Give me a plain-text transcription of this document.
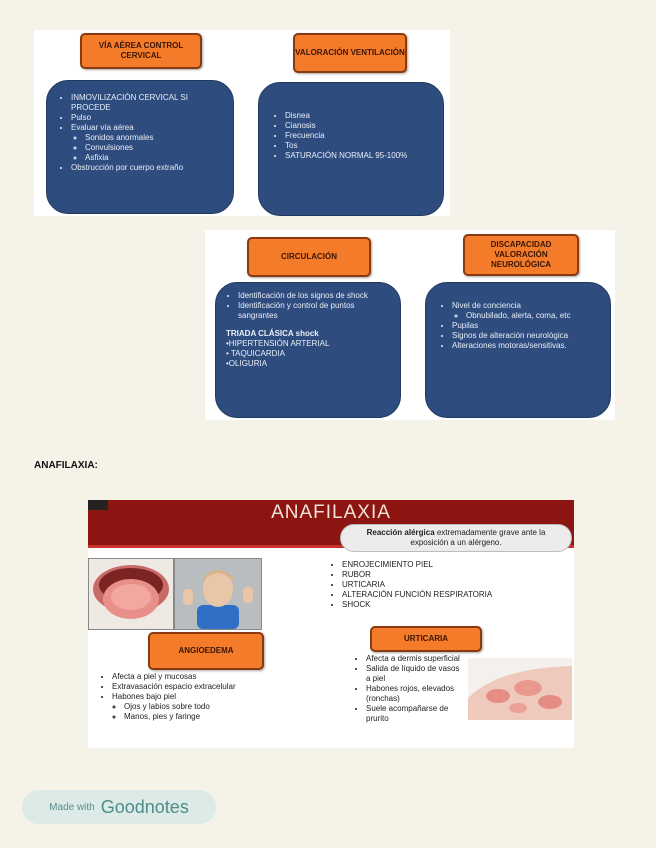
VÍA AÉREA CONTROL CERVICAL	VALORACIÓN VENTILACIÓN
• INMOVILIZACIÓN CERVICAL SI PROCEDE
• Pulso
• Evaluar vía aérea
◦ Sonidos anormales
◦ Convulsiones
◦ Asfixia
• Obstrucción por cuerpo extraño
• Disnea
• Cianosis
• Frecuencia
• Tos
• SATURACIÓN NORMAL 95-100%
CIRCULACIÓN
DISCAPACIDAD VALORACIÓN NEUROLÓGICA
• Identificación de los signos de shock
• Identificación y control de puntos sangrantes
TRIADA CLÁSICA shock
•HIPERTENSIÓN ARTERIAL
• TAQUICARDIA
•OLIGURIA
• Nivel de conciencia
◦ Obnubilado, alerta, coma, etc
• Pupilas
• Signos de alteración neurológica
• Alteraciones motoras/sensitivas.
ANAFILAXIA:
ANAFILAXIA
Reacción alérgica extremadamente grave ante la exposición a un alérgeno.
• ENROJECIMIENTO PIEL
• RUBOR
• URTICARIA
• ALTERACIÓN FUNCIÓN RESPIRATORIA
• SHOCK
ANGIOEDEMA
URTICARIA
• Afecta a piel y mucosas
• Extravasación espacio extracelular
• Habones bajo piel
◦ Ojos y labios sobre todo
◦ Manos, pies y faringe
• Afecta a dermis superficial
• Salida de líquido de vasos a piel
• Habones rojos, elevados (ronchas)
• Suele acompañarse de prurito
Made with Goodnotes
